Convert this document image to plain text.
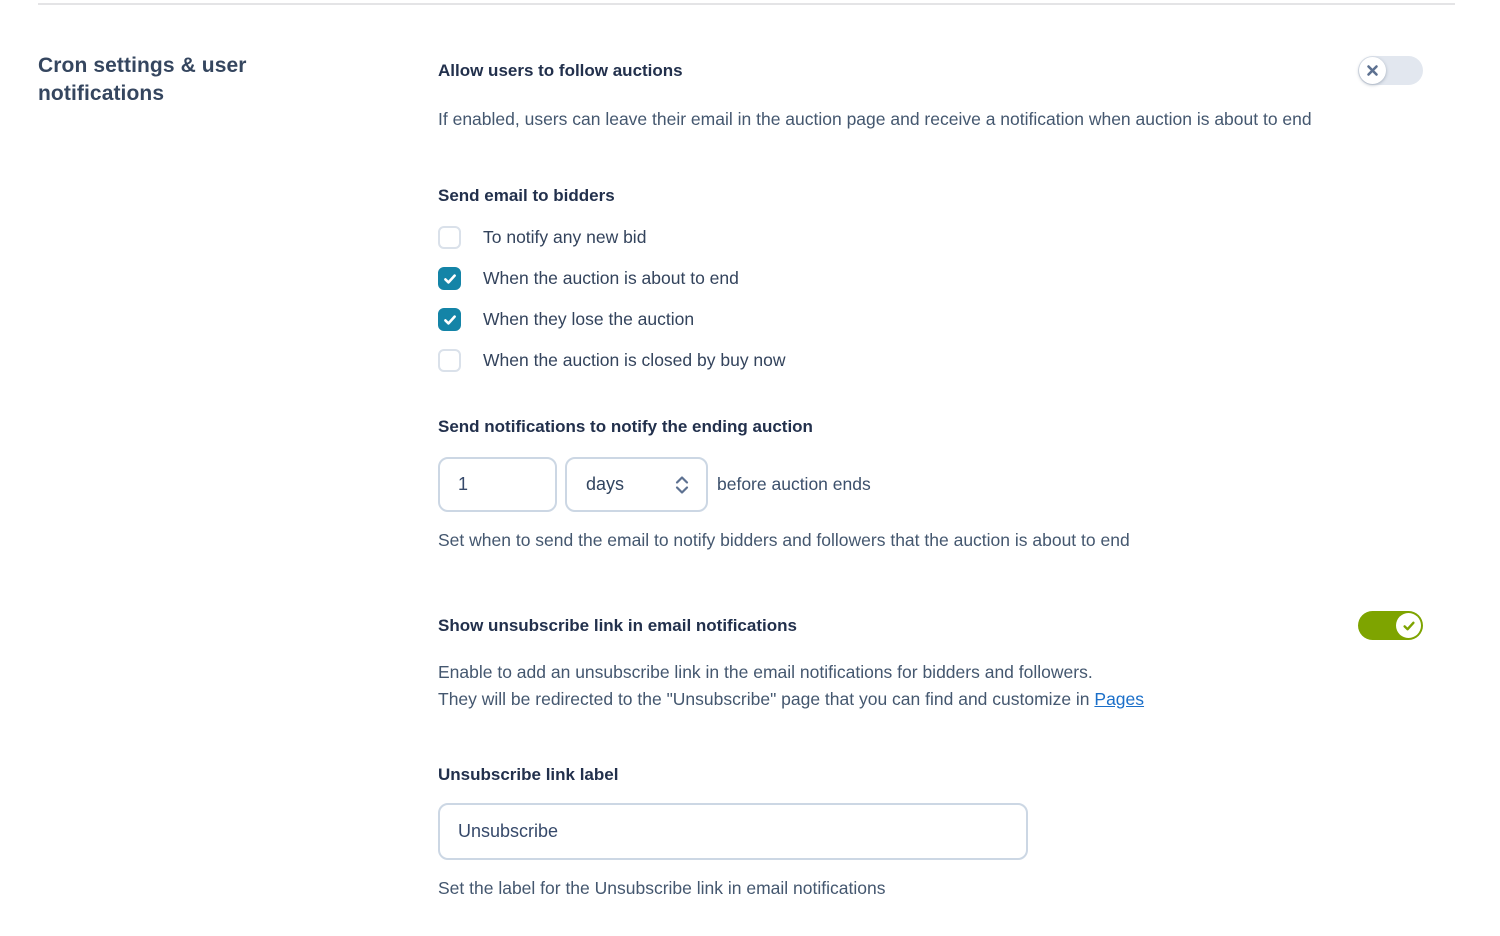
Cron settings & user notifications
Allow users to follow auctions
If enabled, users can leave their email in the auction page and receive a notification when auction is about to end
Send email to bidders
To notify any new bid
When the auction is about to end
When they lose the auction
When the auction is closed by buy now
Send notifications to notify the ending auction
1
days	before auction ends
Set when to send the email to notify bidders and followers that the auction is about to end
Show unsubscribe link in email notifications
Enable to add an unsubscribe link in the email notifications for bidders and followers.
They will be redirected to the "Unsubscribe" page that you can find and customize in Pages
Unsubscribe link label
Unsubscribe
Set the label for the Unsubscribe link in email notifications
